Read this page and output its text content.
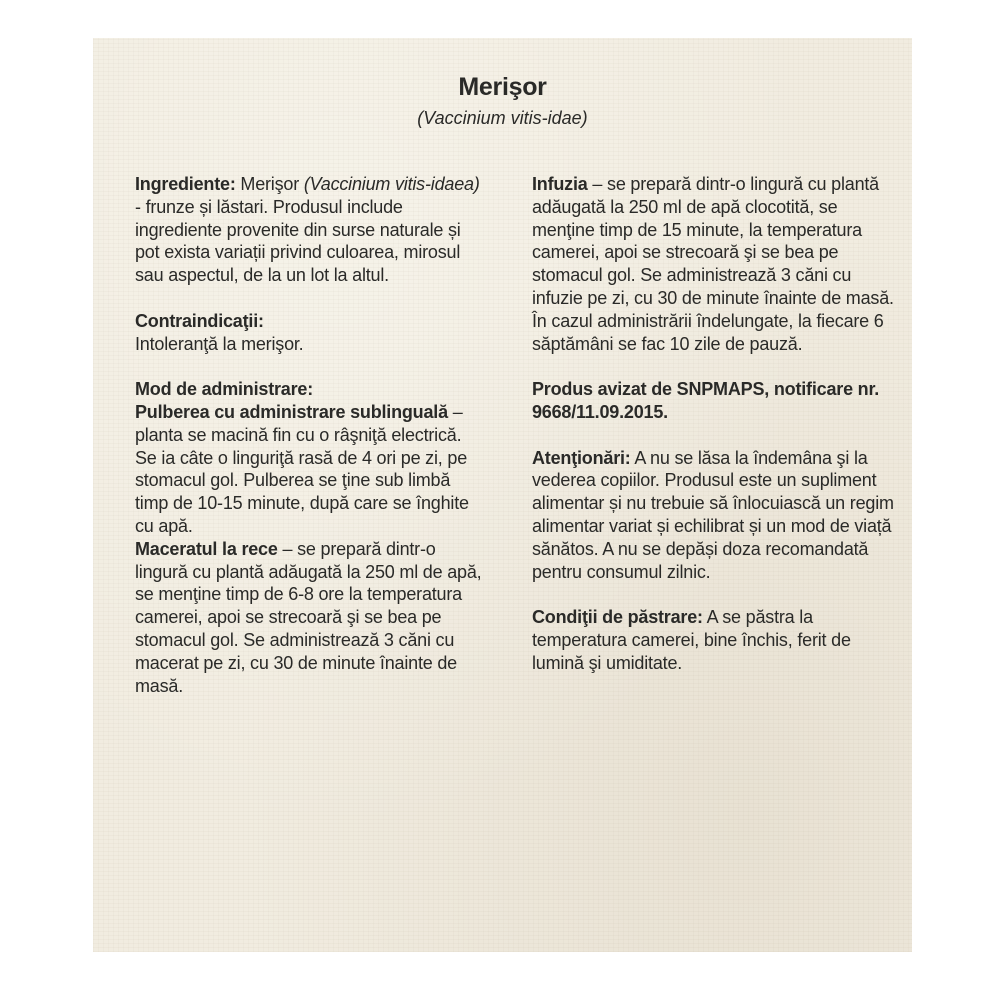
Merişor
(Vaccinium vitis-idae)

Ingrediente: Merişor (Vaccinium vitis-idaea) - frunze și lăstari. Produsul include ingrediente provenite din surse naturale și pot exista variații privind culoarea, mirosul sau aspectul, de la un lot la altul.

Contraindicaţii:

Intoleranţă la merişor.

Mod de administrare:

Pulberea cu administrare sublinguală – planta se macină fin cu o râşniţă electrică. Se ia câte o linguriţă rasă de 4 ori pe zi, pe stomacul gol. Pulberea se ţine sub limbă timp de 10-15 minute, după care se înghite cu apă.

Maceratul la rece – se prepară dintr-o lingură cu plantă adăugată la 250 ml de apă, se menţine timp de 6-8 ore la temperatura camerei, apoi se strecoară şi se bea pe stomacul gol. Se administrează 3 căni cu macerat pe zi, cu 30 de minute înainte de masă.

Infuzia – se prepară dintr-o lingură cu plantă adăugată la 250 ml de apă clocotită, se menţine timp de 15 minute, la temperatura camerei, apoi se strecoară şi se bea pe stomacul gol. Se administrează 3 căni cu infuzie pe zi, cu 30 de minute înainte de masă. În cazul administrării îndelungate, la fiecare 6 săptămâni se fac 10 zile de pauză.

Produs avizat de SNPMAPS, notificare nr. 9668/11.09.2015.

Atenţionări: A nu se lăsa la îndemâna şi la vederea copiilor. Produsul este un supliment alimentar și nu trebuie să înlocuiască un regim alimentar variat și echilibrat și un mod de viață sănătos. A nu se depăși doza recomandată pentru consumul zilnic.

Condiţii de păstrare: A se păstra la temperatura camerei, bine închis, ferit de lumină şi umiditate.
